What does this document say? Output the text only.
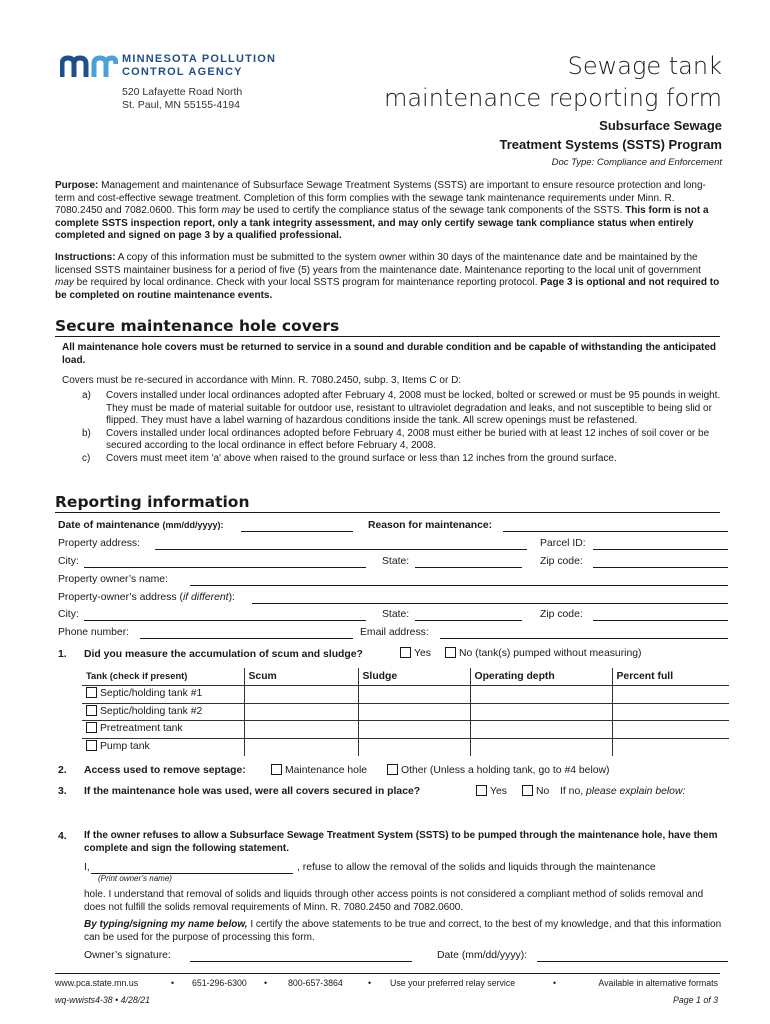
MINNESOTA POLLUTION
CONTROL AGENCY
520 Lafayette Road North
St. Paul, MN 55155-4194
Sewage tank
maintenance reporting form
Subsurface Sewage
Treatment Systems (SSTS) Program
Doc Type: Compliance and Enforcement
Purpose: Management and maintenance of Subsurface Sewage Treatment Systems (SSTS) are important to ensure resource protection and long-term and cost-effective sewage treatment. Completion of this form complies with the sewage tank maintenance requirements under Minn. R. 7080.2450 and 7082.0600. This form may be used to certify the compliance status of the sewage tank components of the SSTS. This form is not a complete SSTS inspection report, only a tank integrity assessment, and may only certify sewage tank compliance status when entirely completed and signed on page 3 by a qualified professional.
Instructions: A copy of this information must be submitted to the system owner within 30 days of the maintenance date and be maintained by the licensed SSTS maintainer business for a period of five (5) years from the maintenance date. Maintenance reporting to the local unit of government may be required by local ordinance. Check with your local SSTS program for maintenance reporting protocol. Page 3 is optional and not required to be completed on routine maintenance events.
Secure maintenance hole covers
All maintenance hole covers must be returned to service in a sound and durable condition and be capable of withstanding the anticipated load.
Covers must be re-secured in accordance with Minn. R. 7080.2450, subp. 3, Items C or D:
a)	Covers installed under local ordinances adopted after February 4, 2008 must be locked, bolted or screwed or must be 95 pounds in weight. They must be made of material suitable for outdoor use, resistant to ultraviolet degradation and leaks, and not susceptible to being slid or flipped. They must have a label warning of hazardous conditions inside the tank. All screw openings must be refastened.
b)	Covers installed under local ordinances adopted before February 4, 2008 must either be buried with at least 12 inches of soil cover or be secured according to the local ordinance in effect before February 4, 2008.
c)	Covers must meet item 'a' above when raised to the ground surface or less than 12 inches from the ground surface.
Reporting information
Date of maintenance (mm/dd/yyyy):	Reason for maintenance:
Property address:	Parcel ID:
City:	State:	Zip code:
Property owner’s name:
Property-owner’s address (if different):
City:	State:	Zip code:
Phone number:	Email address:
1. Did you measure the accumulation of scum and sludge?	Yes	No (tank(s) pumped without measuring)
Tank (check if present)	Scum	Sludge	Operating depth	Percent full
Septic/holding tank #1				
Septic/holding tank #2				
Pretreatment tank				
Pump tank				
2. Access used to remove septage:	Maintenance hole	Other (Unless a holding tank, go to #4 below)
3. If the maintenance hole was used, were all covers secured in place?	Yes	No If no, please explain below:
4. If the owner refuses to allow a Subsurface Sewage Treatment System (SSTS) to be pumped through the maintenance hole, have them complete and sign the following statement.
I,	, refuse to allow the removal of the solids and liquids through the maintenance
(Print owner’s name)
hole. I understand that removal of solids and liquids through other access points is not considered a compliant method of solids removal and does not fulfill the solids removal requirements of Minn. R. 7080.2450 and 7082.0600.
By typing/signing my name below, I certify the above statements to be true and correct, to the best of my knowledge, and that this information can be used for the purpose of processing this form.
Owner’s signature:	Date (mm/dd/yyyy):
www.pca.state.mn.us	• 651-296-6300 • 800-657-3864	• Use your preferred relay service	•	Available in alternative formats
wq-wwists4-38 • 4/28/21	Page 1 of 3
